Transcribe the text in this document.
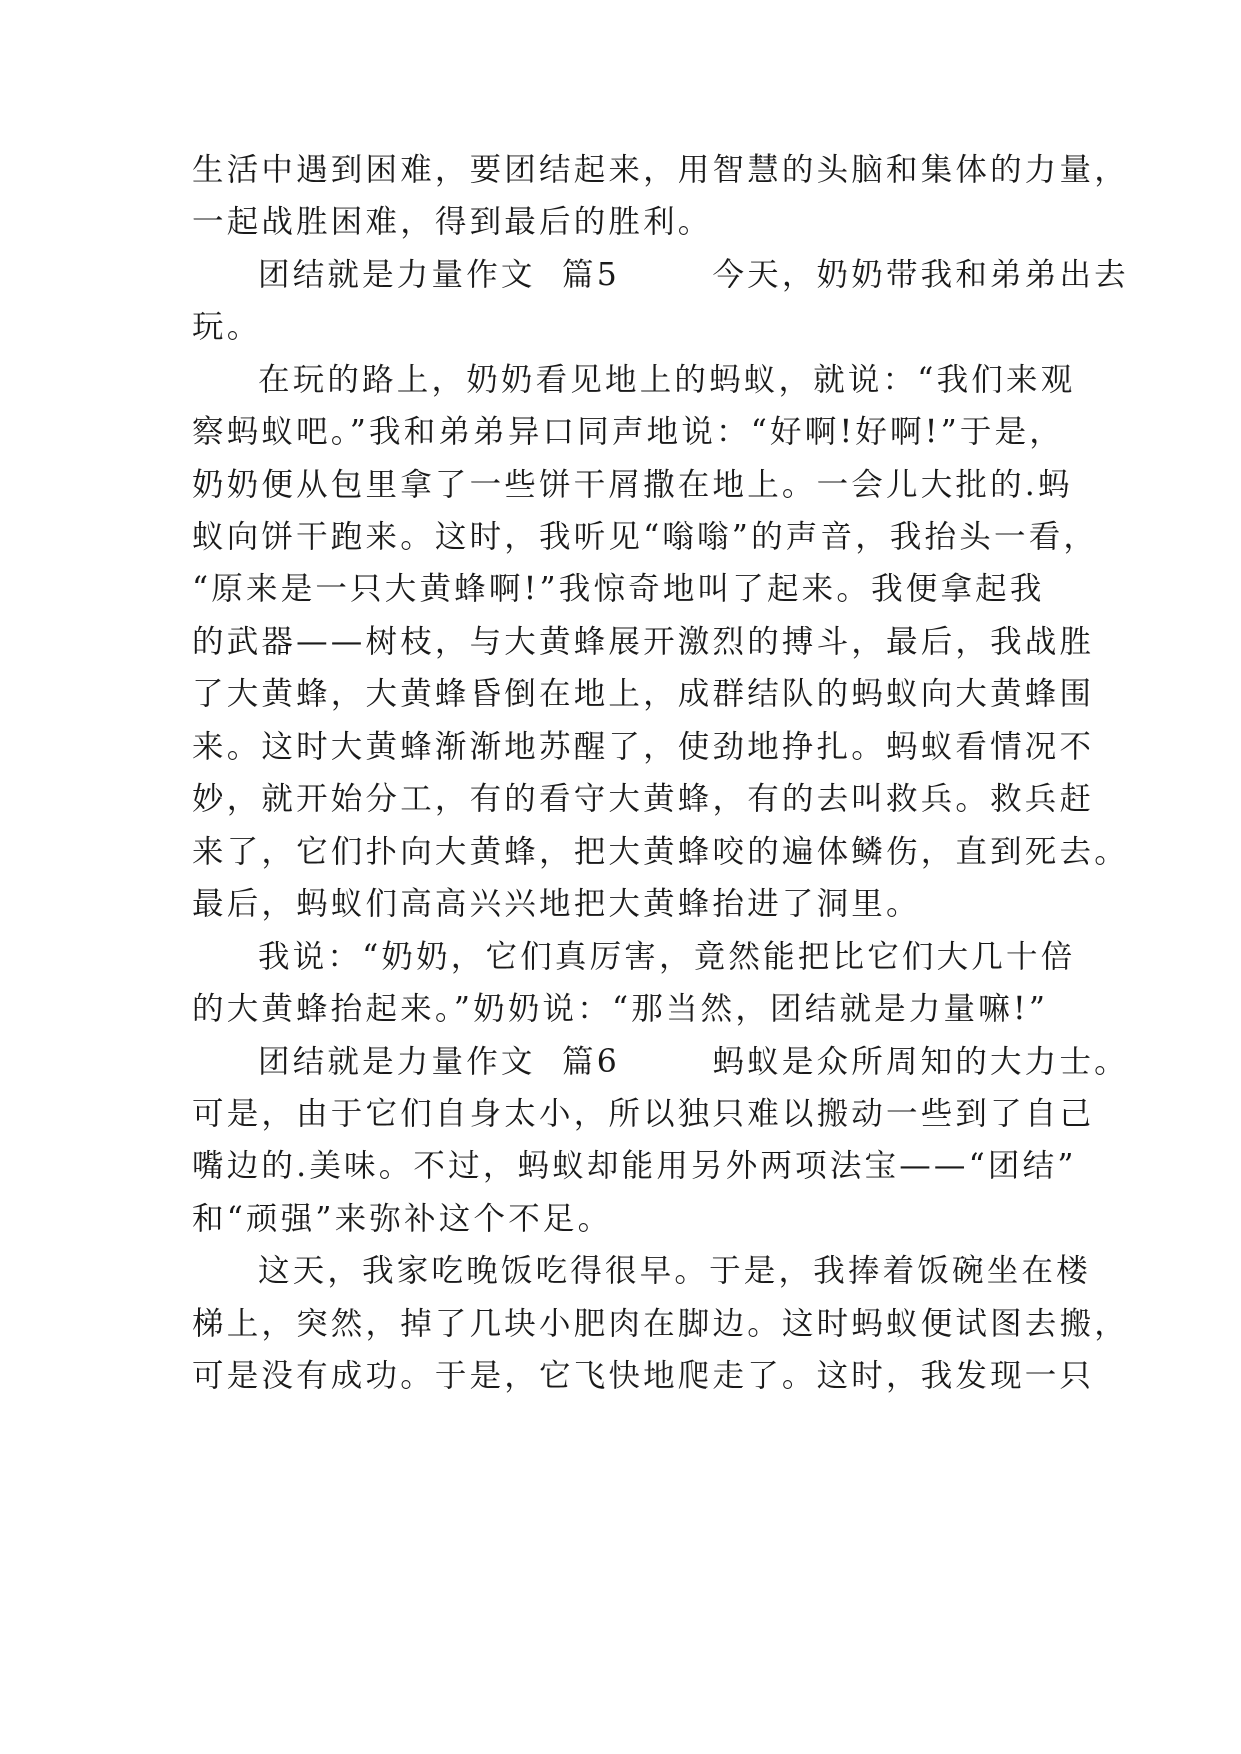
生活中遇到困难，要团结起来，用智慧的头脑和集体的力量，
一起战胜困难，得到最后的胜利。
团结就是力量作文  篇5       今天，奶奶带我和弟弟出去
玩。
在玩的路上，奶奶看见地上的蚂蚁，就说：“我们来观
察蚂蚁吧。”我和弟弟异口同声地说：“好啊!好啊!”于是，
奶奶便从包里拿了一些饼干屑撒在地上。一会儿大批的.蚂
蚁向饼干跑来。这时，我听见“嗡嗡”的声音，我抬头一看，
“原来是一只大黄蜂啊!”我惊奇地叫了起来。我便拿起我
的武器——树枝，与大黄蜂展开激烈的搏斗，最后，我战胜
了大黄蜂，大黄蜂昏倒在地上，成群结队的蚂蚁向大黄蜂围
来。这时大黄蜂渐渐地苏醒了，使劲地挣扎。蚂蚁看情况不
妙，就开始分工，有的看守大黄蜂，有的去叫救兵。救兵赶
来了，它们扑向大黄蜂，把大黄蜂咬的遍体鳞伤，直到死去。
最后，蚂蚁们高高兴兴地把大黄蜂抬进了洞里。
我说：“奶奶，它们真厉害，竟然能把比它们大几十倍
的大黄蜂抬起来。”奶奶说：“那当然，团结就是力量嘛!”
团结就是力量作文  篇6       蚂蚁是众所周知的大力士。
可是，由于它们自身太小，所以独只难以搬动一些到了自己
嘴边的.美味。不过，蚂蚁却能用另外两项法宝——“团结”
和“顽强”来弥补这个不足。
这天，我家吃晚饭吃得很早。于是，我捧着饭碗坐在楼
梯上，突然，掉了几块小肥肉在脚边。这时蚂蚁便试图去搬，
可是没有成功。于是，它飞快地爬走了。这时，我发现一只
